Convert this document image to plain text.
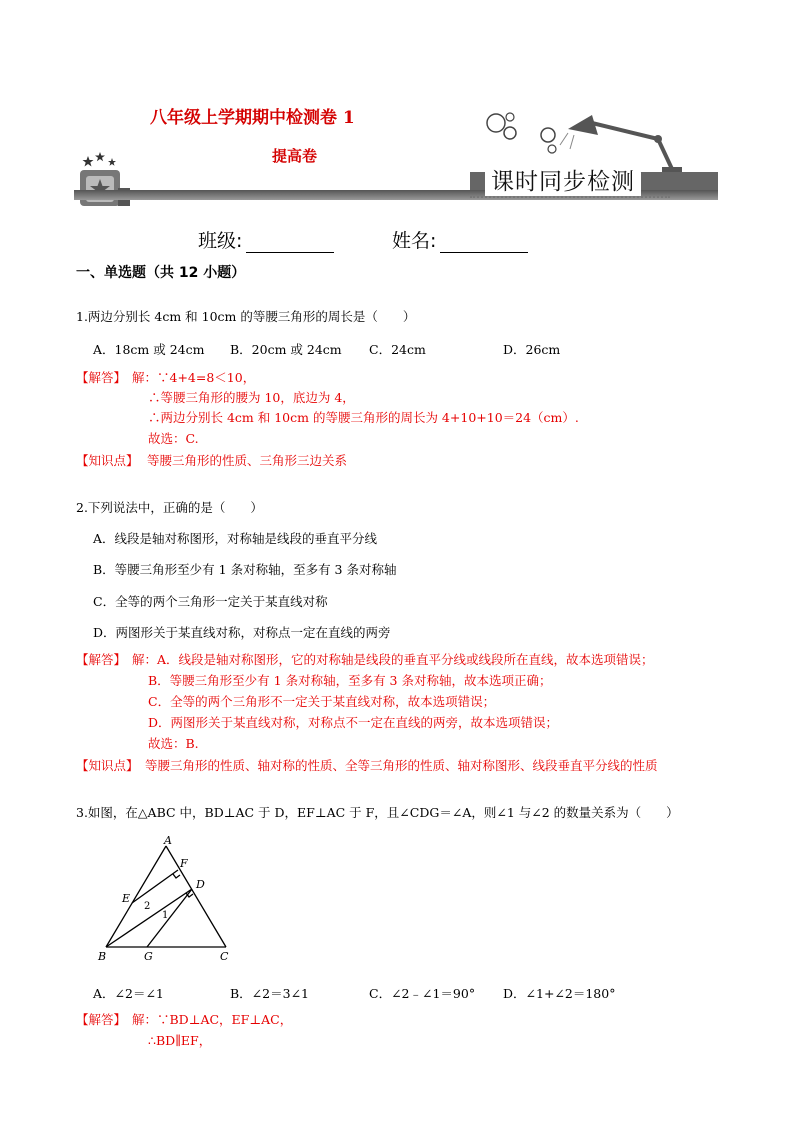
八年级上学期期中检测卷 1
提高卷
课时同步检测
班级:	姓名:
一、单选题（共 12 小题）
1.两边分别长 4cm 和 10cm 的等腰三角形的周长是（　　）
A．18cm 或 24cm B．20cm 或 24cm C．24cm	D．26cm
【解答】 解：∵4+4=8＜10，
∴等腰三角形的腰为 10，底边为 4，
∴两边分别长 4cm 和 10cm 的等腰三角形的周长为 4+10+10＝24（cm）.
故选：C.
【知识点】 等腰三角形的性质、三角形三边关系
2.下列说法中，正确的是（　　）
A．线段是轴对称图形，对称轴是线段的垂直平分线
B．等腰三角形至少有 1 条对称轴，至多有 3 条对称轴
C．全等的两个三角形一定关于某直线对称
D．两图形关于某直线对称，对称点一定在直线的两旁
【解答】 解：A．线段是轴对称图形，它的对称轴是线段的垂直平分线或线段所在直线，故本选项错误；
B．等腰三角形至少有 1 条对称轴，至多有 3 条对称轴，故本选项正确；
C．全等的两个三角形不一定关于某直线对称，故本选项错误；
D．两图形关于某直线对称，对称点不一定在直线的两旁，故本选项错误；
故选：B.
【知识点】 等腰三角形的性质、轴对称的性质、全等三角形的性质、轴对称图形、线段垂直平分线的性质
3.如图，在△ABC 中，BD⊥AC 于 D，EF⊥AC 于 F，且∠CDG＝∠A，则∠1 与∠2 的数量关系为（　　）
A
F
E
D
2
1
B	G	C
A．∠2＝∠1	B．∠2＝3∠1	C．∠2﹣∠1＝90° D．∠1+∠2＝180°
【解答】 解：∵BD⊥AC，EF⊥AC，
∴BD∥EF，
